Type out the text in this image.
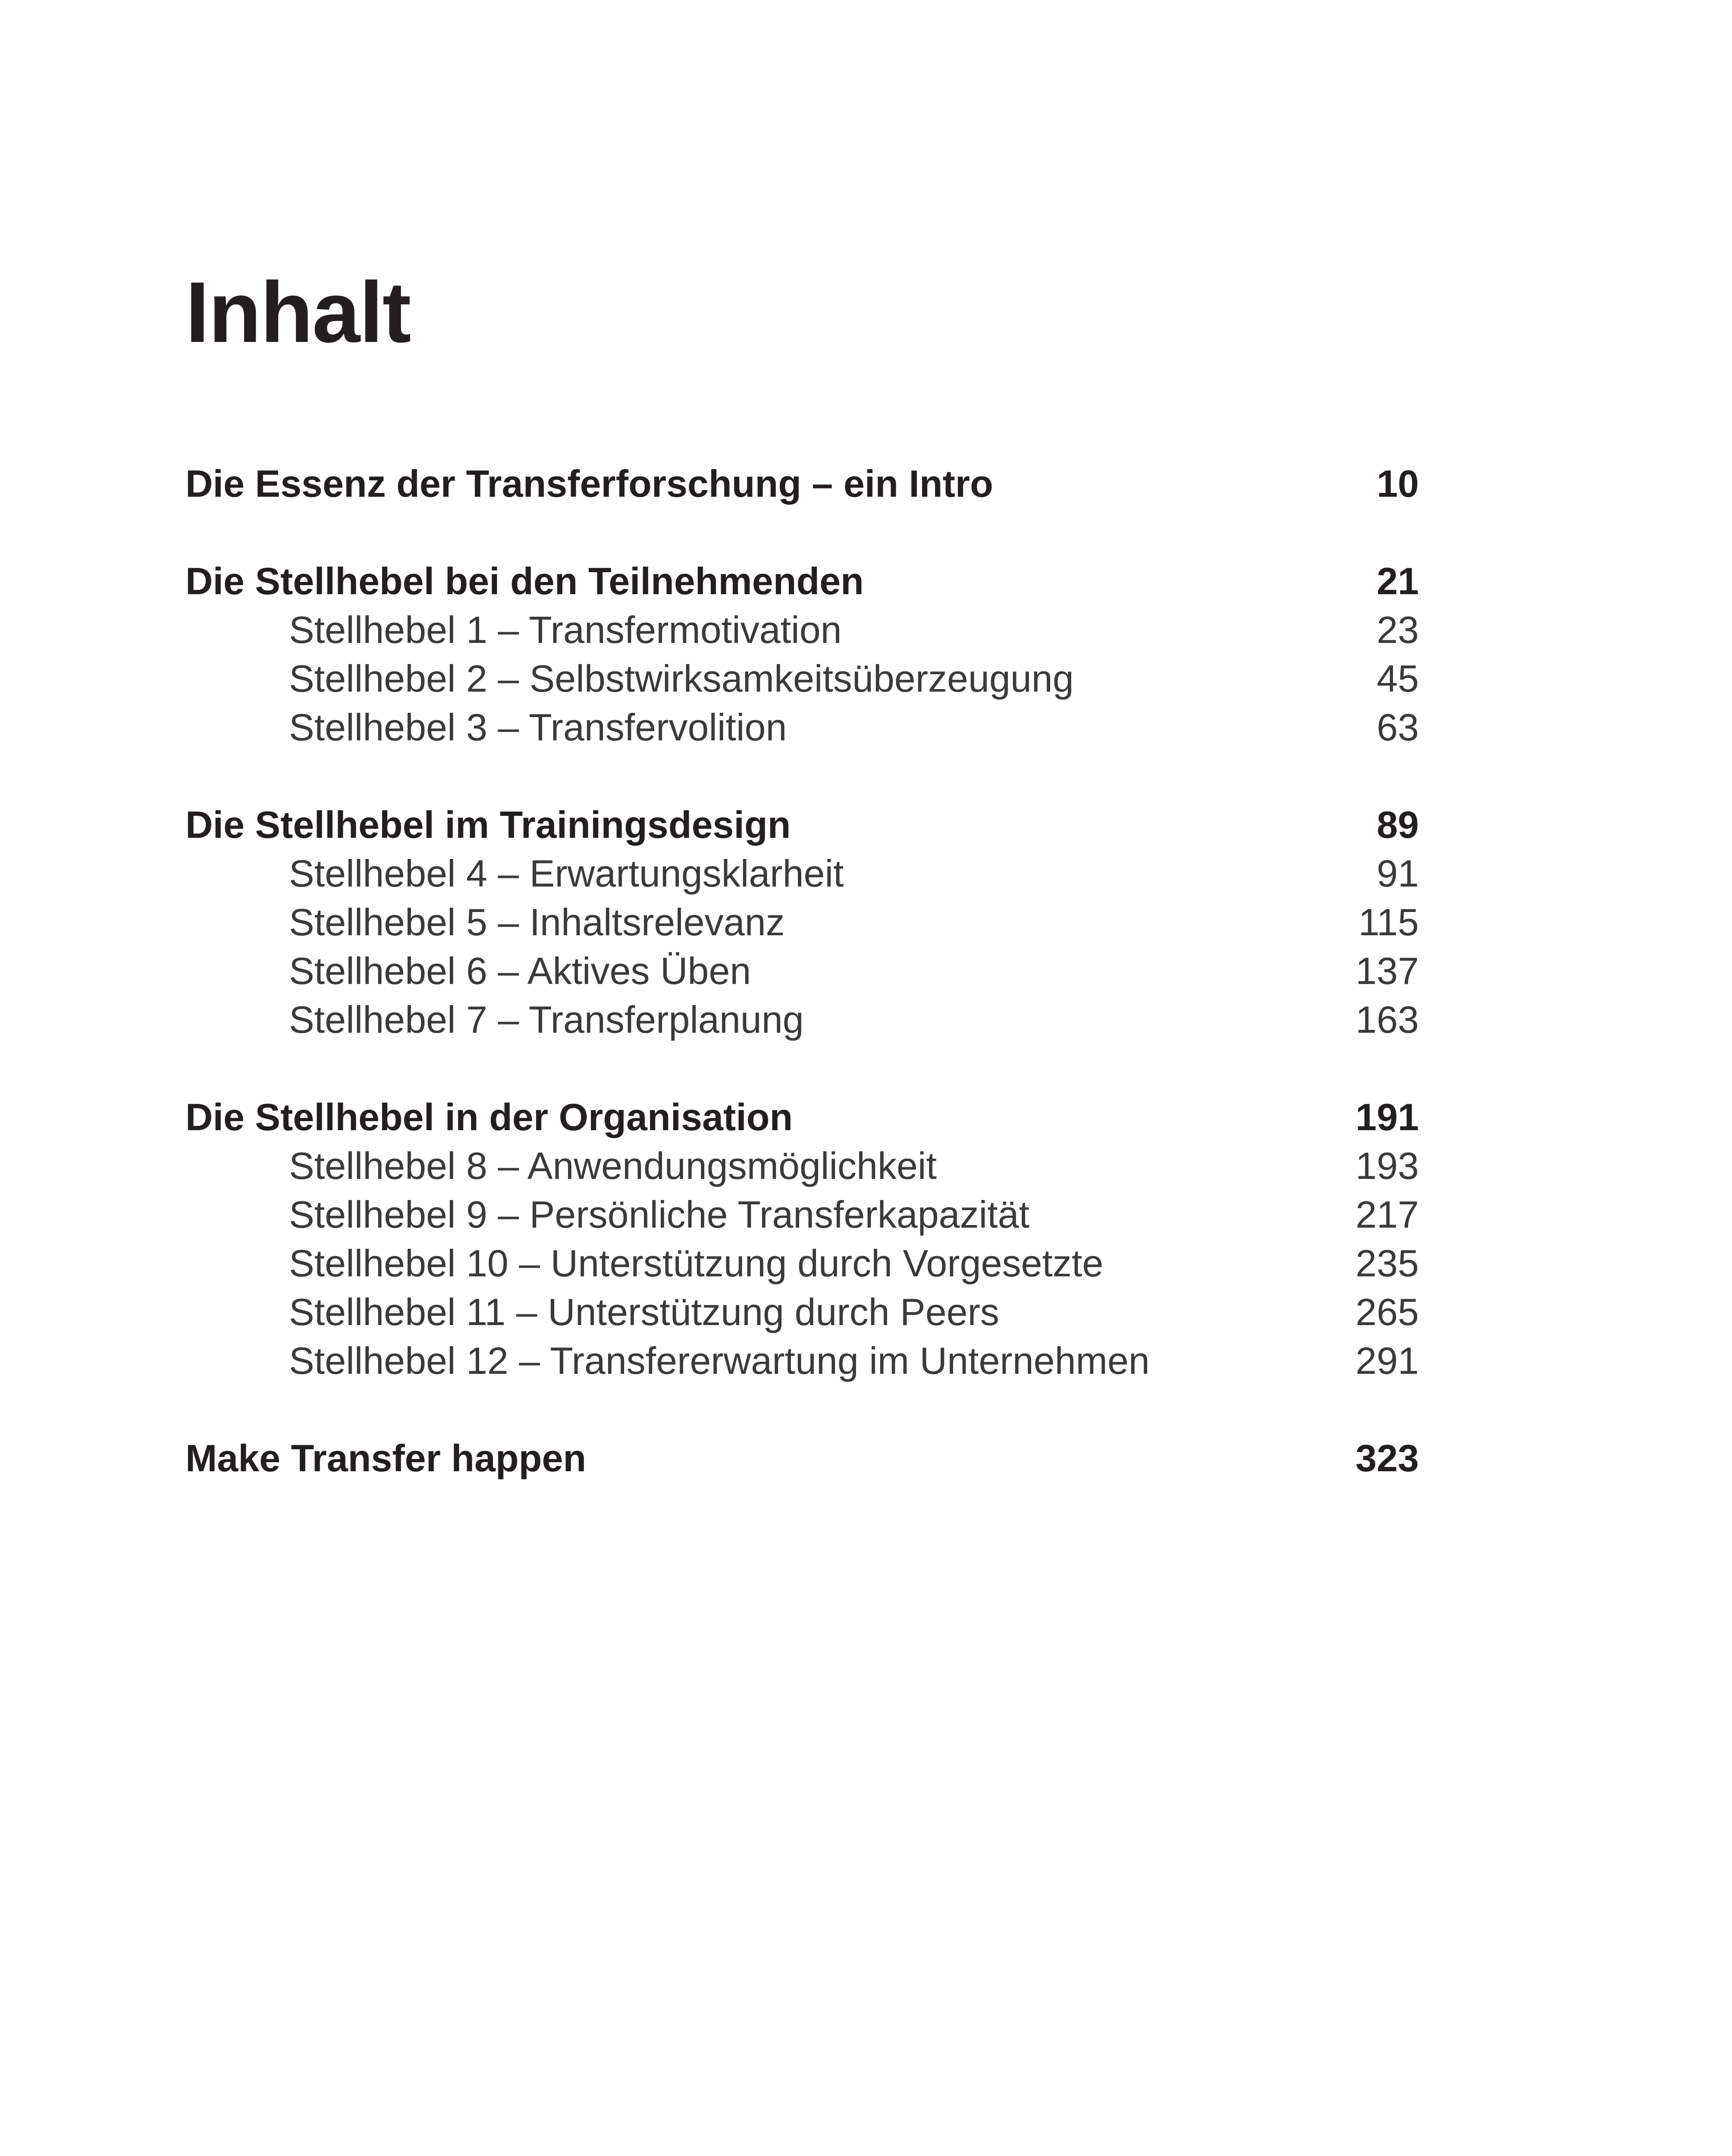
Inhalt
Die Essenz der Transferforschung – ein Intro	10
Die Stellhebel bei den Teilnehmenden	21
Stellhebel 1 – Transfermotivation	23
Stellhebel 2 – Selbstwirksamkeitsüberzeugung	45
Stellhebel 3 – Transfervolition	63
Die Stellhebel im Trainingsdesign	89
Stellhebel 4 – Erwartungsklarheit	91
Stellhebel 5 – Inhaltsrelevanz	115
Stellhebel 6 – Aktives Üben	137
Stellhebel 7 – Transferplanung	163
Die Stellhebel in der Organisation	191
Stellhebel 8 – Anwendungsmöglichkeit	193
Stellhebel 9 – Persönliche Transferkapazität	217
Stellhebel 10 – Unterstützung durch Vorgesetzte	235
Stellhebel 11 – Unterstützung durch Peers	265
Stellhebel 12 – Transfererwartung im Unternehmen	291
Make Transfer happen	323
